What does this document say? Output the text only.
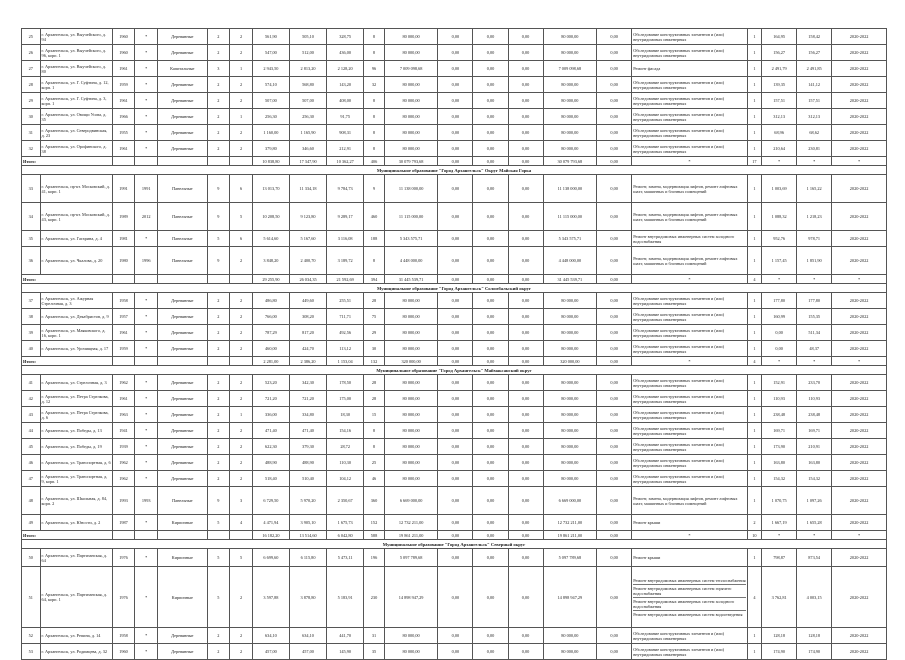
25	г. Архангельск, ул. Выучейского, д. 94	1960	*	Деревянные	2	2	561,90	505,10	328,75	8	80 000,00	0,00	0,00	0,00	80 000,00	0,00	Обследование конструктивных элементов и (или) внутридомовых инженерных	1	164,95	158,42	2020-2022
26	г. Архангельск, ул. Выучейского, д. 96, корп. 1	1960	*	Деревянные	2	2	547,00	512,00	436,00	8	80 000,00	0,00	0,00	0,00	80 000,00	0,00	Обследование конструктивных элементов и (или) внутридомовых инженерных	1	156,27	156,27	2020-2022
27	г. Архангельск, ул. Выучейского, д. 80	1961	*	Капитальные	3	1	2 943,50	2 813,20	2 128,20	96	7 009 098,68	0,00	0,00	0,00	7 009 098,68	0,00	Ремонт фасада	1	2 491,79	2 491,85	2020-2022
28	г. Архангельск, ул. Г. Суфтина, д. 12, корп. 1	1959	*	Деревянные	2	2	574,10	568,80	143,20	32	80 000,00	0,00	0,00	0,00	80 000,00	0,00	Обследование конструктивных элементов и (или) внутридомовых инженерных	1	139,35	141,12	2020-2022
29	г. Архангельск, ул. Г. Суфтина, д. 3, корп. 1	1961	*	Деревянные	2	2	507,00	507,00	408,00	8	80 000,00	0,00	0,00	0,00	80 000,00	0,00	Обследование конструктивных элементов и (или) внутридомовых инженерных	1	157,51	157,51	2020-2022
30	г. Архангельск, ул. Овощи Усова, д. 35	1966	*	Деревянные	2	1	256,30	256,30	91,75	8	80 000,00	0,00	0,00	0,00	80 000,00	0,00	Обследование конструктивных элементов и (или) внутридомовых инженерных	1	312,13	312,13	2020-2022
31	г. Архангельск, ул. Северодвинская, д. 23	1955	*	Деревянные	2	2	1 160,00	1 165,90	908,31	8	80 000,00	0,00	0,00	0,00	80 000,00	0,00	Обследование конструктивных элементов и (или) внутридомовых инженерных	1	68,96	68,62	2020-2022
32	г. Архангельск, ул. Орофинского, д. 38	1961	*	Деревянные	2	2	379,80	346,60	212,91	8	80 000,00	0,00	0,00	0,00	80 000,00	0,00	Обследование конструктивных элементов и (или) внутридомовых инженерных	1	210,64	230,81	2020-2022
Итого:							10 838,80	17 347,90	10 362,27	406	30 079 793,68	0,00	0,00	0,00	30 079 793,68	0,00	*	17	*	*	*
Муниципальное образование "Город Архангельск" Округ Майская Горка																					
33	г. Архангельск, пр-кт. Московский, д. 41, корп. 1	1991	1991	Панельные	9	6	13 013,70	11 334,18	9 784,73	9	11 138 000,00	0,00	0,00	0,00	11 138 000,00	0,00	Ремонт, замена, модернизация лифтов, ремонт лифтовых шахт, машинных и блочных помещений	1	1 003,69	1 165,22	2020-2022
34	г. Архангельск, пр-кт. Московский, д. 43, корп. 1	1989	2012	Панельные	9	5	10 208,50	9 123,80	9 289,17	460	11 115 000,00	0,00	0,00	0,00	11 115 000,00	0,00	Ремонт, замена, модернизация лифтов, ремонт лифтовых шахт, машинных и блочных помещений	1	1 088,32	1 218,23	2020-2022
35	г. Архангельск, ул. Гагарина, д. 4	1981	*	Панельные	5	6	5 614,60	5 167,60	3 116,08	188	5 343 575,71	0,00	0,00	0,00	5 343 575,71	0,00	Ремонт внутридомовых инженерных систем холодного водоснабжения	1	952,76	978,71	2020-2022
36	г. Архангельск, ул. Чкалова, д. 20	1980	1996	Панельные	9	2	3 848,20	2 400,70	3 189,72	8	4 448 000,00	0,00	0,00	0,00	4 448 000,00	0,00	Ремонт, замена, модернизация лифтов, ремонт лифтовых шахт, машинных и блочных помещений	1	1 157,45	1 851,90	2020-2022
Итого:							29 255,90	26 034,35	21 592,69	394	31 445 539,71	0,00	0,00	0,00	31 445 539,71	0,00	*	4	*	*	*
Муниципальное образование "Город Архангельск" Соломбальский округ																					
37	г. Архангельск, ул. Ажурная Стрелочная, д. 3	1958	*	Деревянные	2	2	486,80	449,60	255,51	28	80 000,00	0,00	0,00	0,00	80 000,00	0,00	Обследование конструктивных элементов и (или) внутридомовых инженерных	1	177,80	177,80	2020-2022
38	г. Архангельск, ул. Декабристов, д. 9	1957	*	Деревянные	2	2	766,00	308,20	711,71	75	80 000,00	0,00	0,00	0,00	80 000,00	0,00	Обследование конструктивных элементов и (или) внутридомовых инженерных	1	160,99	155,35	2020-2022
39	г. Архангельск, ул. Маяковского, д. 16, корп. 1	1961	*	Деревянные	2	2	787,29	817,20	492,56	29	80 000,00	0,00	0,00	0,00	80 000,00	0,00	Обследование конструктивных элементов и (или) внутридомовых инженерных	1	0,00	511,34	2020-2022
40	г. Архангельск, ул. Урочищная, д. 17	1959	*	Деревянные	2	2	460,00	424,70	113,12	30	80 000,00	0,00	0,00	0,00	80 000,00	0,00	Обследование конструктивных элементов и (или) внутридомовых инженерных	1	0,00	48,37	2020-2022
Итого:							2 281,00	2 386,20	1 153,04	132	320 000,00	0,00	0,00	0,00	320 000,00	0,00	*	4	*	*	*
Муниципальное образование "Город Архангельск" Маймаксанский округ																					
41	г. Архангельск, ул. Стрелочная, д. 3	1962	*	Деревянные	2	2	523,20	342,30	178,50	28	80 000,00	0,00	0,00	0,00	80 000,00	0,00	Обследование конструктивных элементов и (или) внутридомовых инженерных	1	152,91	233,70	2020-2022
42	г. Архангельск, ул. Петра Стрелкова, д. 12	1961	*	Деревянные	2	2	721,20	721,20	175,00	28	80 000,00	0,00	0,00	0,00	80 000,00	0,00	Обследование конструктивных элементов и (или) внутридомовых инженерных	1	110,93	110,93	2020-2022
43	г. Архангельск, ул. Петра Стрелкова, д. 6	1963	*	Деревянные	2	1	336,00	334,80	18,30	15	80 000,00	0,00	0,00	0,00	80 000,00	0,00	Обследование конструктивных элементов и (или) внутридомовых инженерных	1	238,48	238,48	2020-2022
44	г. Архангельск, ул. Победы, д. 13	1941	*	Деревянные	2	2	471,40	471,40	154,16	8	80 000,00	0,00	0,00	0,00	80 000,00	0,00	Обследование конструктивных элементов и (или) внутридомовых инженерных	1	169,71	169,71	2020-2022
45	г. Архангельск, ул. Победы, д. 19	1939	*	Деревянные	2	2	622,30	379,30	28,72	8	80 000,00	0,00	0,00	0,00	80 000,00	0,00	Обследование конструктивных элементов и (или) внутридомовых инженерных	1	173,90	210,91	2020-2022
46	г. Архангельск, ул. Транспортная, д. 6	1962	*	Деревянные	2	2	488,90	488,90	110,30	25	80 000,00	0,00	0,00	0,00	80 000,00	0,00	Обследование конструктивных элементов и (или) внутридомовых инженерных	1	163,80	163,80	2020-2022
47	г. Архангельск, ул. Транспортная, д. 9, корп. 1	1962	*	Деревянные	2	2	518,40	510,40	104,12	46	80 000,00	0,00	0,00	0,00	80 000,00	0,00	Обследование конструктивных элементов и (или) внутридомовых инженерных	1	154,32	154,32	2020-2022
48	г. Архангельск, ул. Школьная, д. 84, корп. 2	1993	1993	Панельные	9	3	6 729,50	5 970,20	2 350,67	360	6 669 000,00	0,00	0,00	0,00	6 669 000,00	0,00	Ремонт, замена, модернизация лифтов, ремонт лифтовых шахт, машинных и блочных помещений	1	1 070,75	1 097,26	2020-2022
49	г. Архангельск, ул. Юности, д. 2	1987	*	Кирпичные	5	4	4 471,94	3 905,10	1 675,73	152	12 732 211,00	0,00	0,00	0,00	12 732 211,00	0,00	Ремонт крыши	2	1 667,19	1 655,28	2020-2022
Итого:							16 182,20	13 514,60	6 042,80	588	19 861 211,00	0,00	0,00	0,00	19 861 211,00	0,00	*	10	*	*	*
Муниципальное образование "Город Архангельск" Северный округ																					
50	г. Архангельск, ул. Партизанская, д. 64	1976	*	Кирпичные	5	5	6 699,60	6 115,80	5 473,11	196	5 097 789,68	0,00	0,00	0,00	5 097 789,68	0,00	Ремонт крыши	1	798,87	873,54	2020-2022
51	г. Архангельск, ул. Партизанская, д. 64, корп. 1	1976	*	Кирпичные	5	2	3 597,88	3 878,80	5 183,91	230	14 898 947,29	0,00	0,00	0,00	14 898 947,29	0,00	Ремонт внутридомовых инженерных систем теплоснабжения
Ремонт внутридомовых инженерных систем горячего водоснабжения
Ремонт внутридомовых инженерных систем холодного водоснабжения
Ремонт внутридомовых инженерных систем водоотведения	4	3 762,81	4 003,15	2020-2022
52	г. Архангельск, ул. Репина, д. 14	1958	*	Деревянные	2	2	634,10	634,10	441,70	31	80 000,00	0,00	0,00	0,00	80 000,00	0,00	Обследование конструктивных элементов и (или) внутридомовых инженерных	1	128,18	128,18	2020-2022
53	г. Архангельск, ул. Родимцева, д. 32	1960	*	Деревянные	2	2	457,00	457,00	145,90	35	80 000,00	0,00	0,00	0,00	80 000,00	0,00	Обследование конструктивных элементов и (или) внутридомовых инженерных	1	174,90	174,90	2020-2022
